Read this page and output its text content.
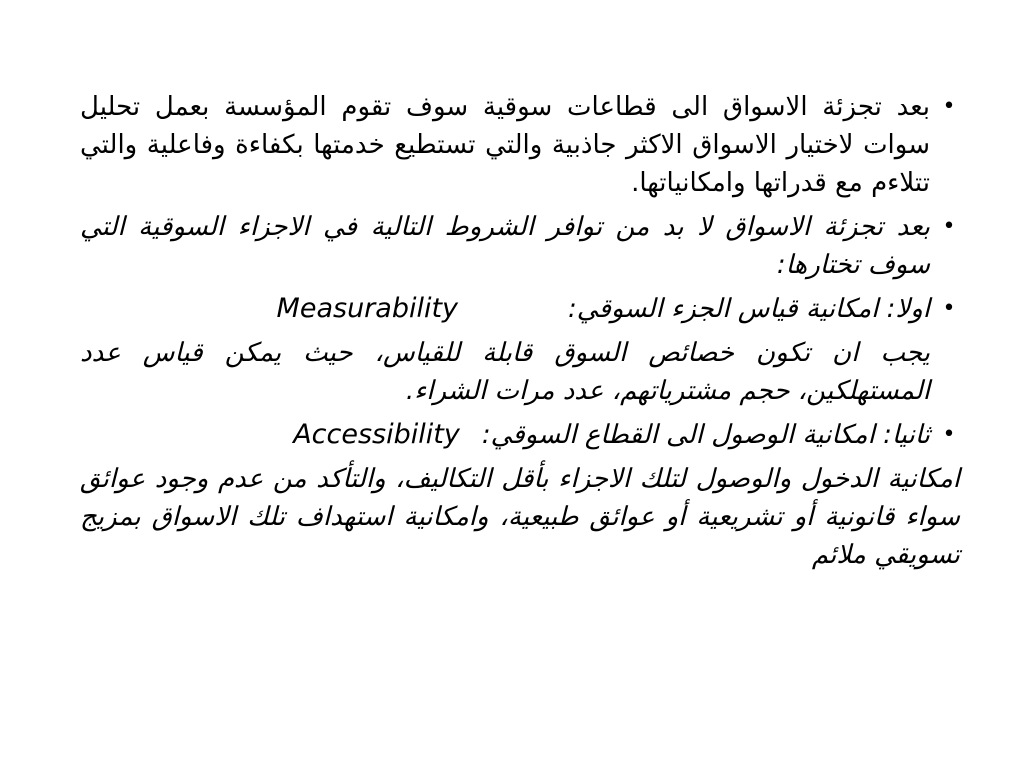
•
بعد تجزئة الاسواق الى قطاعات سوقية سوف تقوم المؤسسة بعمل تحليل سوات لاختيار الاسواق الاكثر جاذبية والتي تستطيع خدمتها بكفاءة وفاعلية والتي تتلاءم مع قدراتها وامكانياتها.
•
بعد تجزئة الاسواق لا بد من توافر الشروط التالية في الاجزاء السوقية التي سوف تختارها:
•
اولا: امكانية قياس الجزء السوقي:
Measurability
يجب ان تكون خصائص السوق قابلة للقياس، حيث يمكن قياس عدد المستهلكين، حجم مشترياتهم، عدد مرات الشراء.
•
ثانيا: امكانية الوصول الى القطاع السوقي:
Accessibility
امكانية الدخول والوصول لتلك الاجزاء بأقل التكاليف، والتأكد من عدم وجود عوائق سواء قانونية أو تشريعية أو عوائق طبيعية، وامكانية استهداف تلك الاسواق بمزيج تسويقي ملائم
